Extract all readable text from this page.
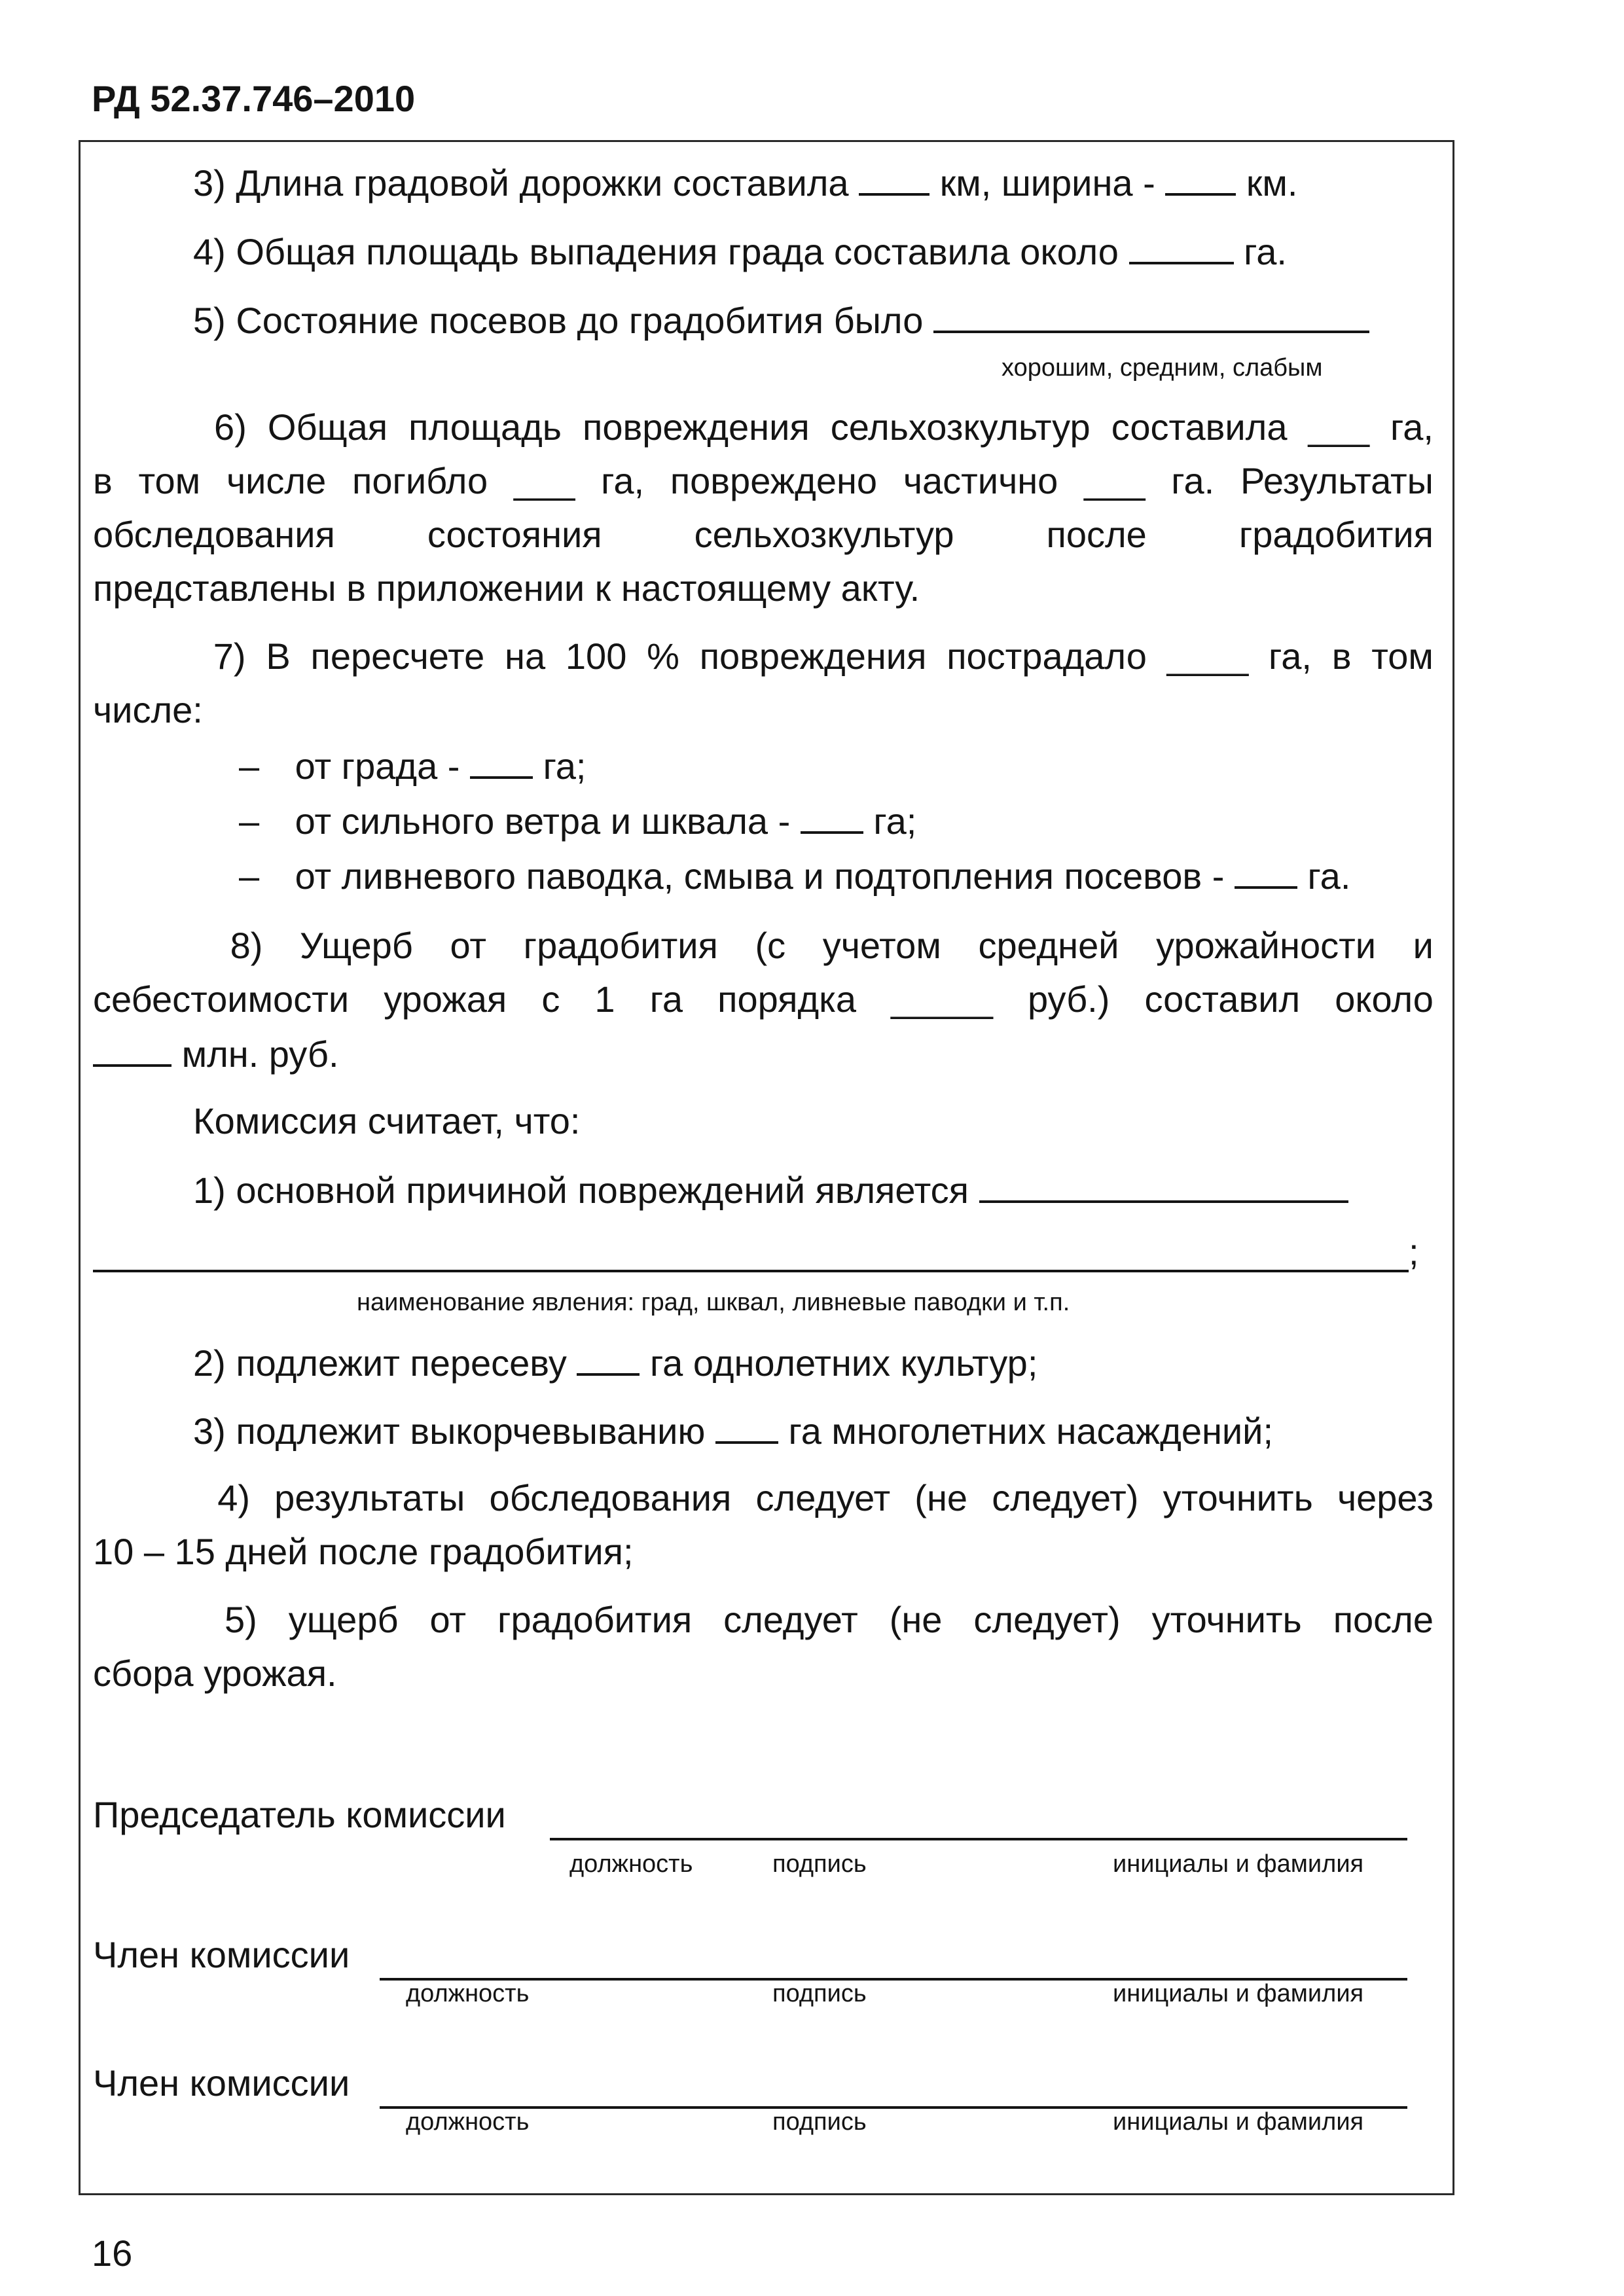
РД 52.37.746–2010
3) Длина градовой дорожки составила км, ширина - км.
4) Общая площадь выпадения града составила около	га.
5) Состояние посевов до градобития было
хорошим, средним, слабым
6) Общая площадь повреждения сельхозкультур составила ___ га,
в том числе погибло ___ га, повреждено частично ___ га. Результаты
обследования	состояния	сельхозкультур	после	градобития
представлены в приложении к настоящему акту.
7) В пересчете на 100 % повреждения пострадало ____ га, в том
числе:
– от града - га;
– от сильного ветра и шквала - га;
– от ливневого паводка, смыва и подтопления посевов - га.
8) Ущерб от градобития (с учетом средней урожайности и
себестоимости урожая с 1 га порядка _____ руб.) составил около
млн. руб.
Комиссия считает, что:
1) основной причиной повреждений является
;
наименование явления: град, шквал, ливневые паводки и т.п.
2) подлежит пересеву га однолетних культур;
3) подлежит выкорчевыванию га многолетних насаждений;
4) результаты обследования следует (не следует) уточнить через
10 – 15 дней после градобития;
5) ущерб от градобития следует (не следует) уточнить после
сбора урожая.
Председатель комиссии
должность	подпись	инициалы и фамилия
Член комиссии
должность	подпись	инициалы и фамилия
Член комиссии
должность	подпись	инициалы и фамилия
16
